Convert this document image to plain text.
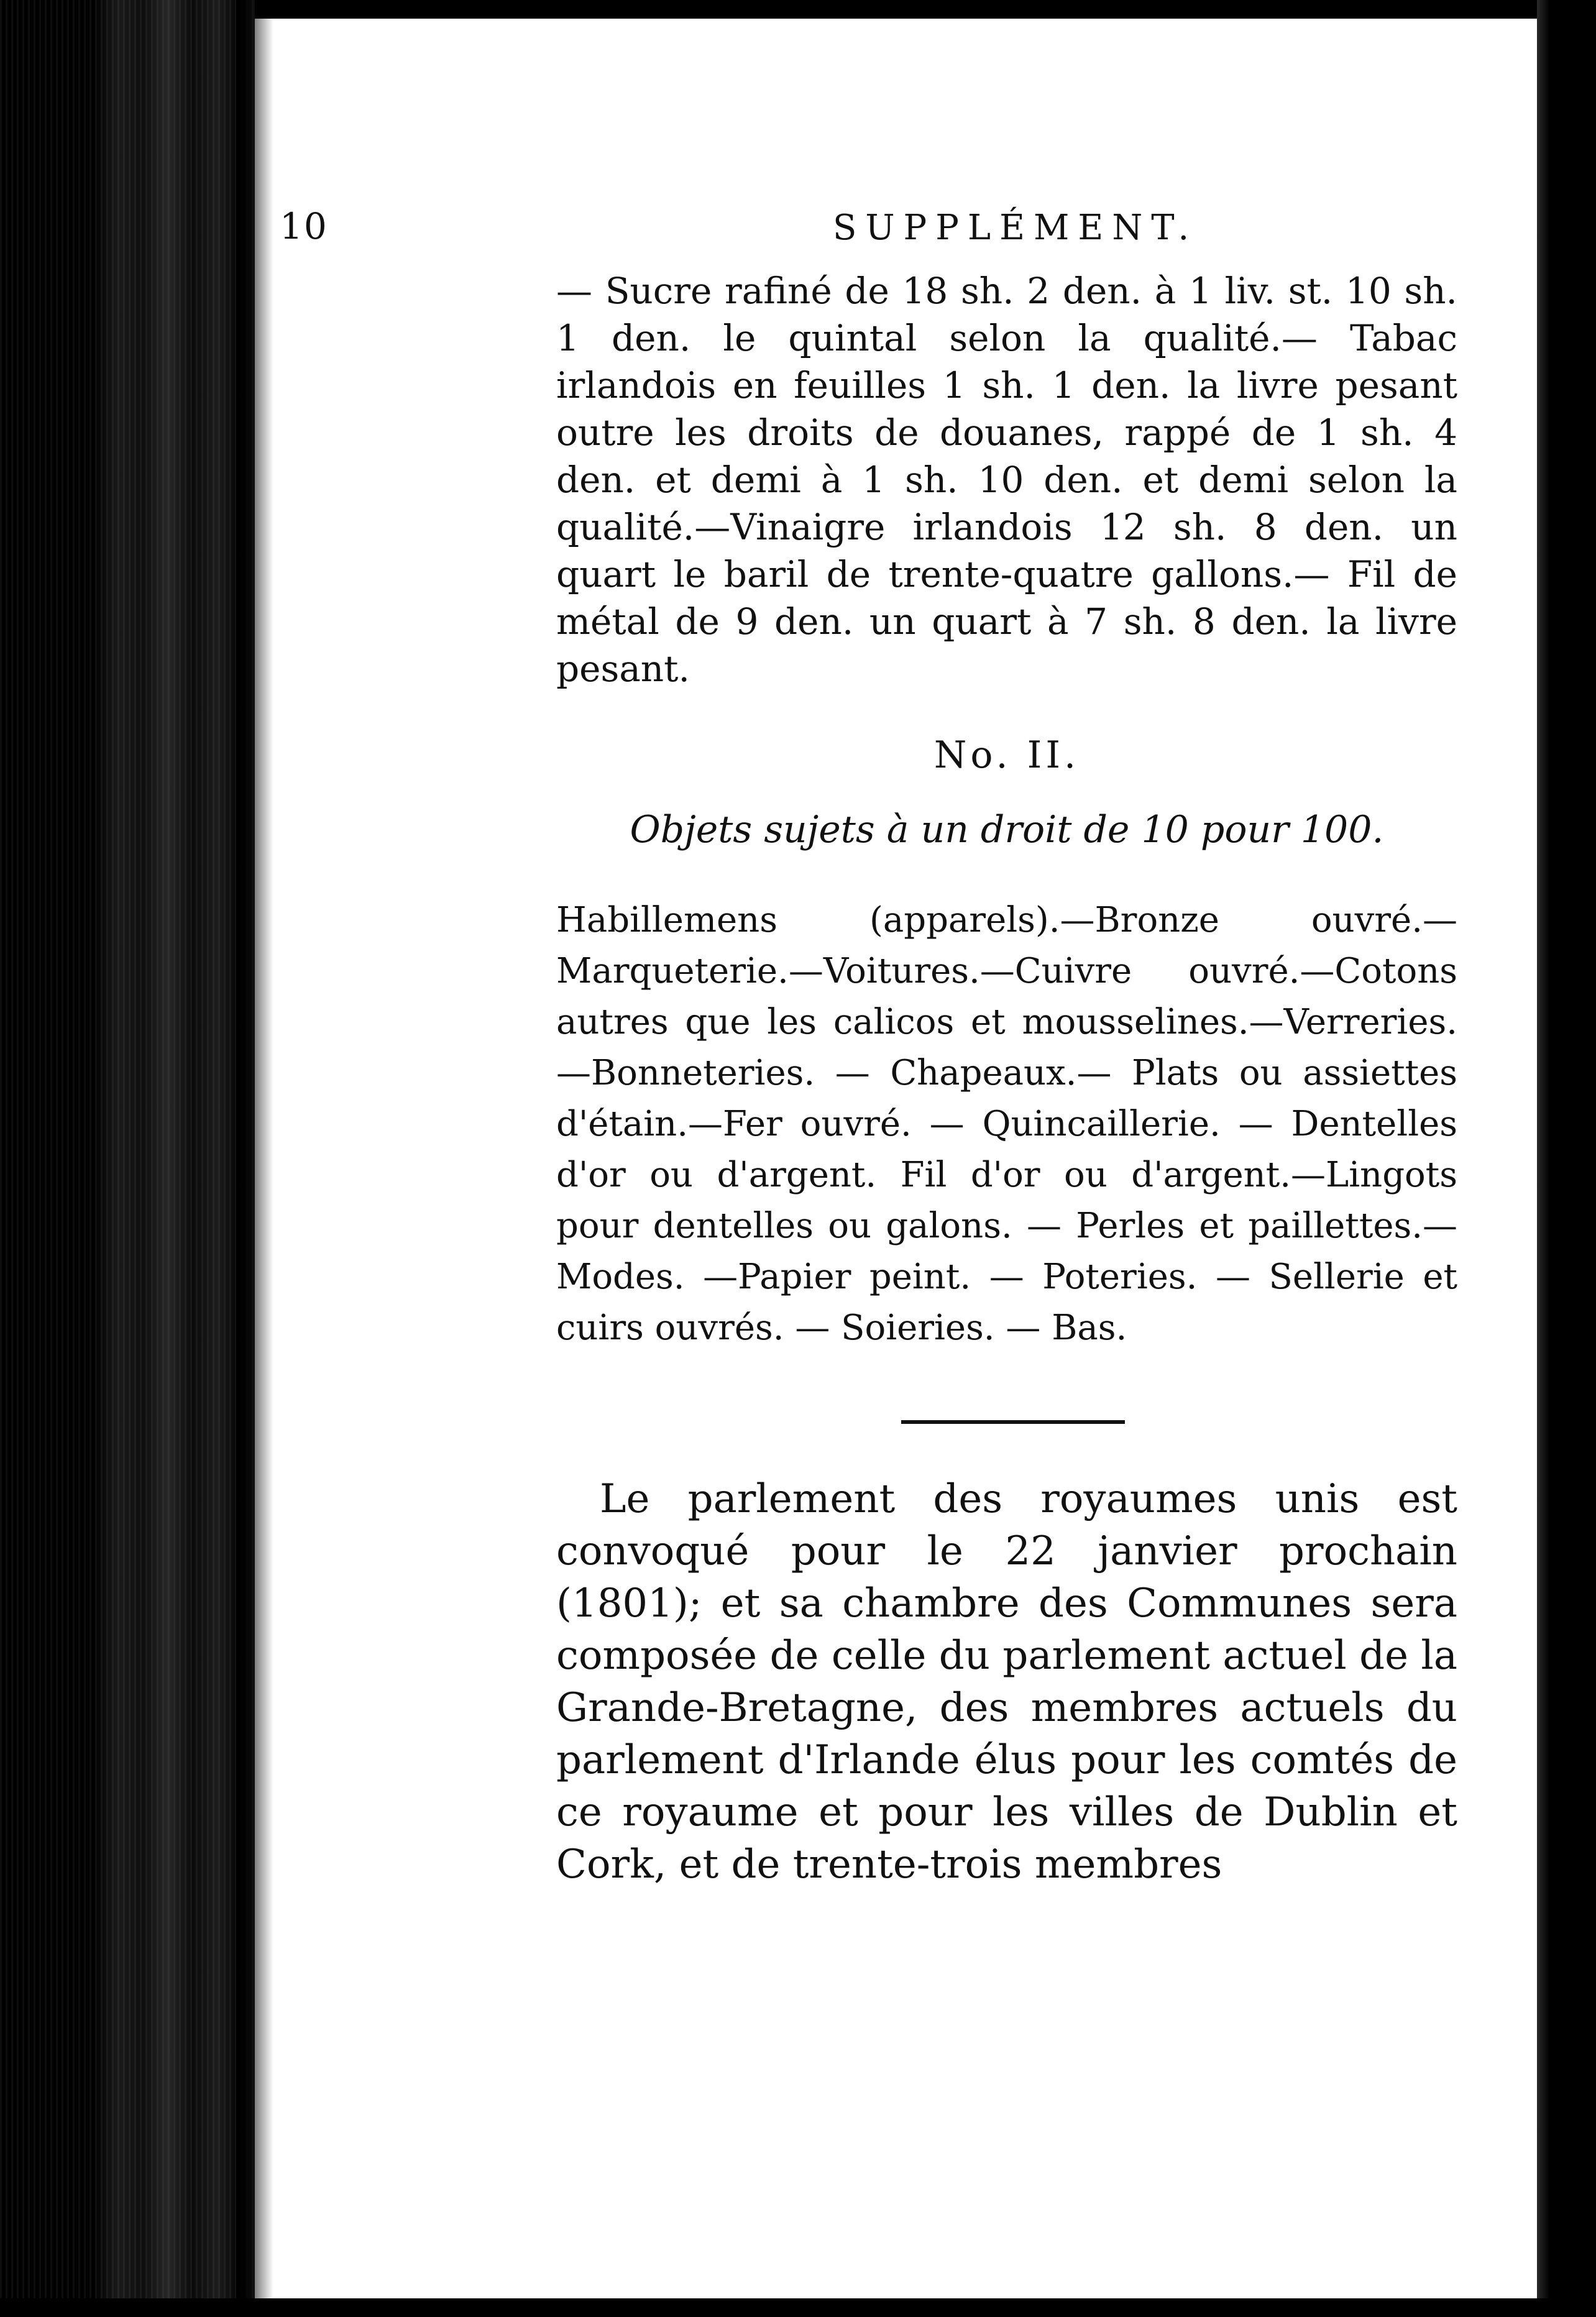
10	SUPPLÉMENT.

— Sucre rafiné de 18 sh. 2 den. à 1 liv. st. 10 sh. 1 den. le quintal selon la qualité.— Tabac irlandois en feuilles 1 sh. 1 den. la livre pesant outre les droits de douanes, rappé de 1 sh. 4 den. et demi à 1 sh. 10 den. et demi selon la qualité.—Vinaigre irlandois 12 sh. 8 den. un quart le baril de trente-quatre gallons.— Fil de métal de 9 den. un quart à 7 sh. 8 den. la livre pesant.

No. II.
Objets sujets à un droit de 10 pour 100.

Habillemens (apparels).—Bronze ouvré.—Marqueterie.—Voitures.—Cuivre ouvré.—Cotons autres que les calicos et mousselines.—Verreries.—Bonneteries. — Chapeaux.— Plats ou assiettes d'étain.—Fer ouvré. — Quincaillerie. — Dentelles d'or ou d'argent. Fil d'or ou d'argent.—Lingots pour dentelles ou galons. — Perles et paillettes.—Modes. —Papier peint. — Poteries. — Sellerie et cuirs ouvrés. — Soieries. — Bas.

Le parlement des royaumes unis est convoqué pour le 22 janvier prochain (1801); et sa chambre des Communes sera composée de celle du parlement actuel de la Grande-Bretagne, des membres actuels du parlement d'Irlande élus pour les comtés de ce royaume et pour les villes de Dublin et Cork, et de trente-trois membres
